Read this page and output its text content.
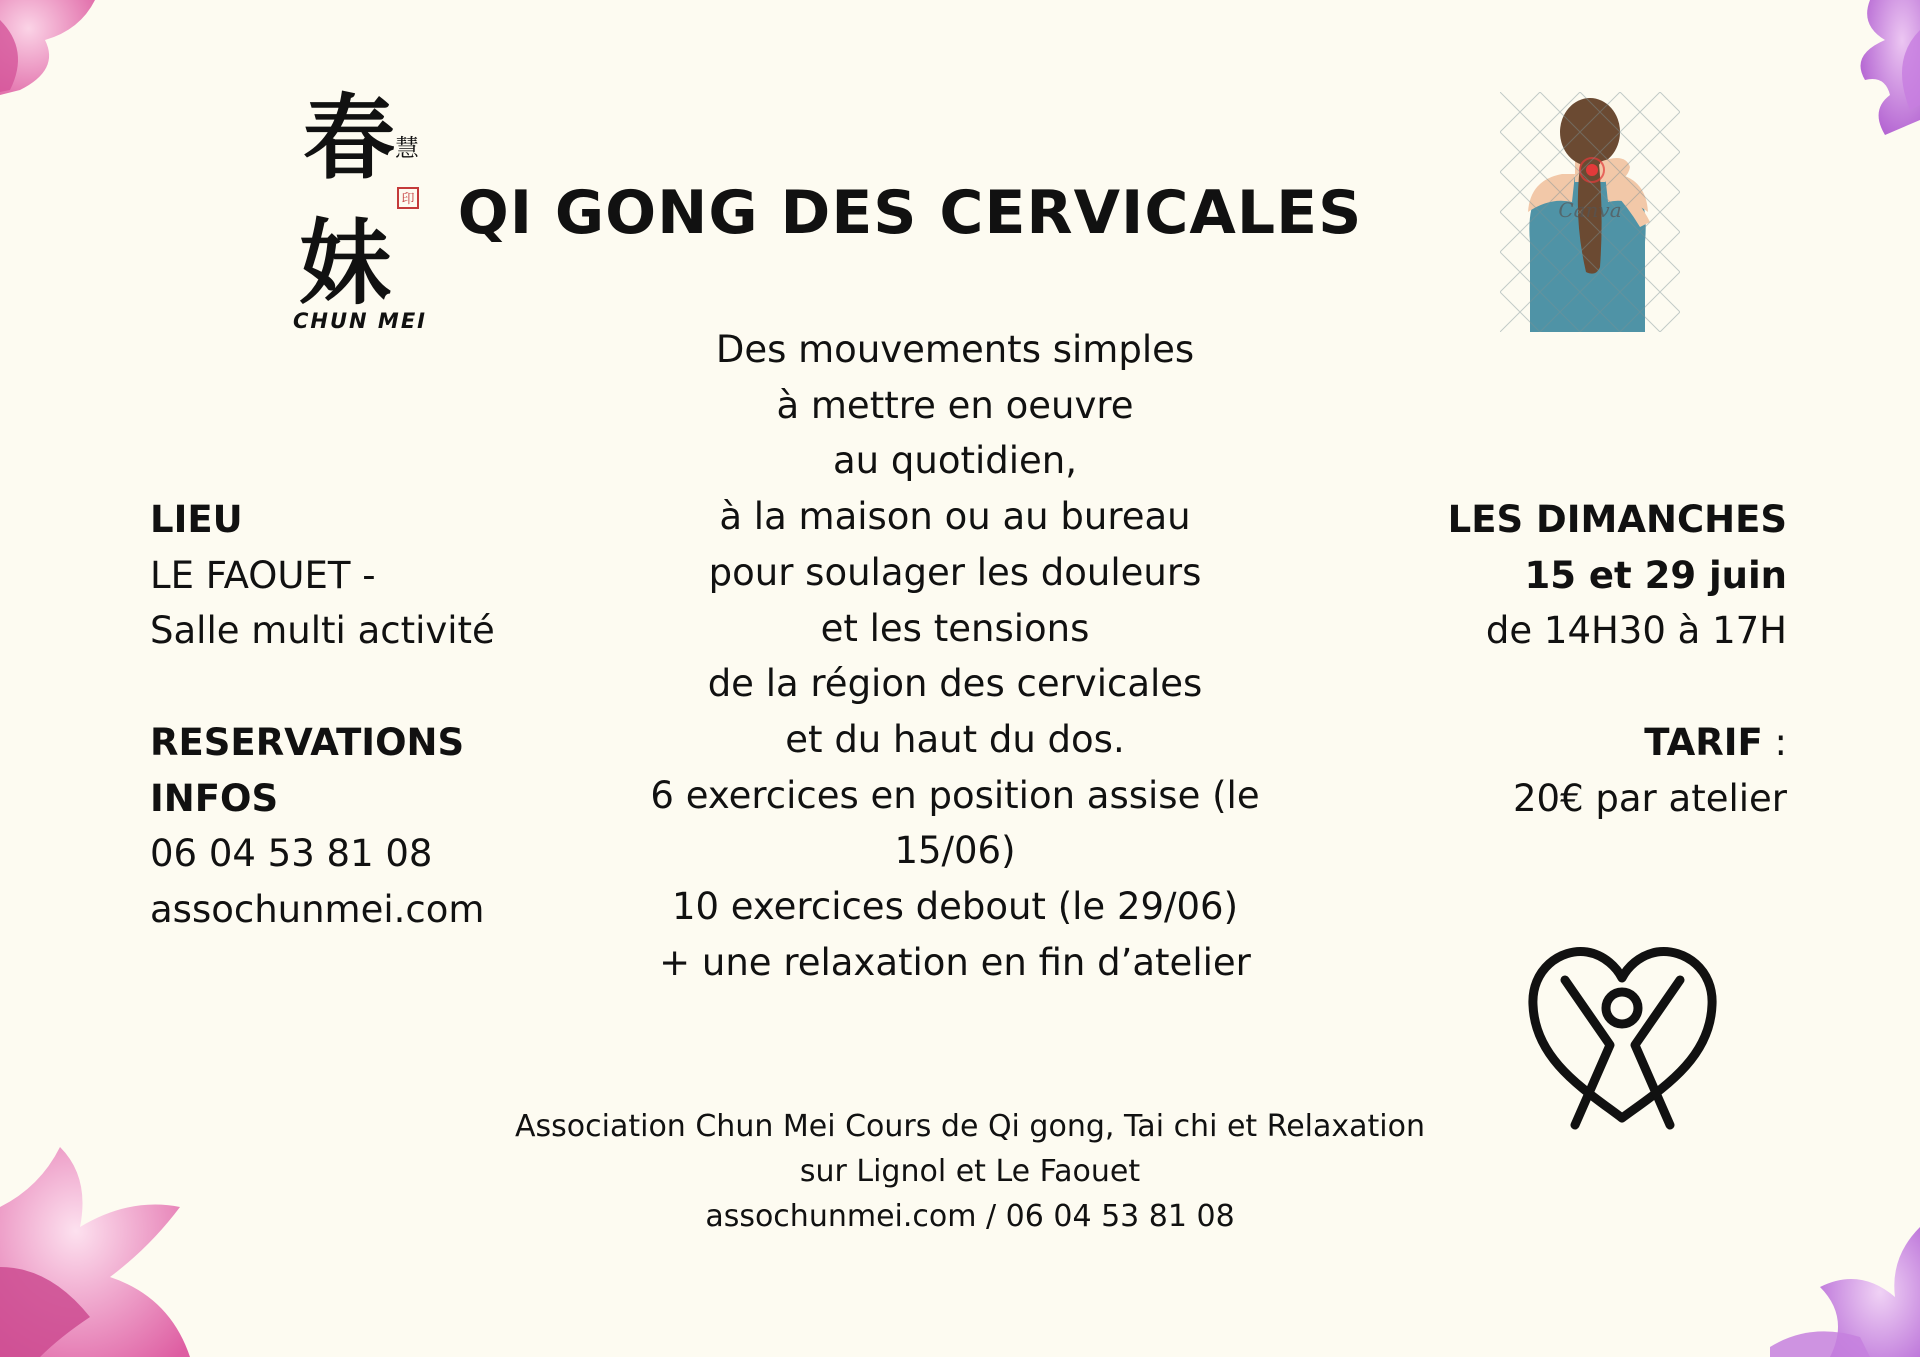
春
妹
慧
印
CHUN MEI
QI GONG DES CERVICALES	Canva
Des mouvements simples
à mettre en oeuvre
au quotidien,
à la maison ou au bureau
pour soulager les douleurs
et les tensions
de la région des cervicales
et du haut du dos.
6 exercices en position assise (le
15/06)
10 exercices debout (le 29/06)
+ une relaxation en fin d’atelier
LIEU
LE FAOUET -
Salle multi activité
RESERVATIONS
INFOS
06 04 53 81 08
assochunmei.com
LES DIMANCHES
15 et 29 juin
de 14H30 à 17H
TARIF :
20€ par atelier
Association Chun Mei Cours de Qi gong, Tai chi et Relaxation
sur Lignol et Le Faouet
assochunmei.com / 06 04 53 81 08
